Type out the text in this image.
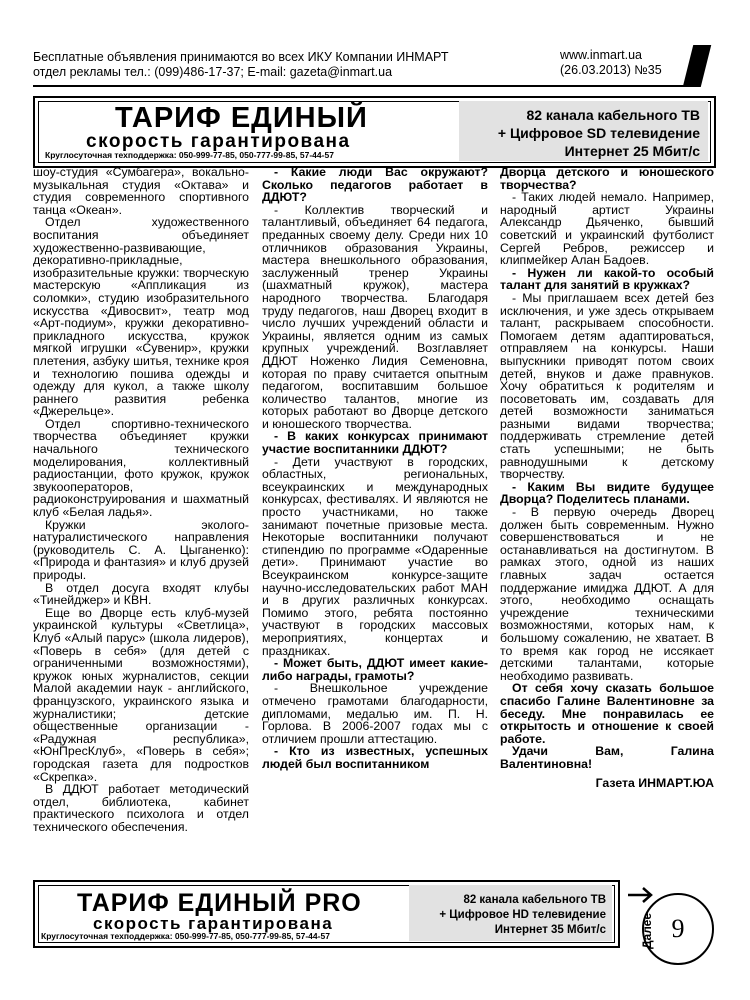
Бесплатные объявления принимаются во всех ИКУ Компании ИНМАРТ
отдел рекламы тел.: (099)486-17-37; E-mail: gazeta@inmart.ua
www.inmart.ua
(26.03.2013) №35
ТАРИФ ЕДИНЫЙ
скорость гарантирована
Круглосуточная техподдержка: 050-999-77-85, 050-777-99-85, 57-44-57
82 канала кабельного ТВ
+ Цифровое SD телевидение
Интернет 25 Мбит/с

шоу-студия «Сумбагера», вокально-музыкальная студия «Октава» и студия современного спортивного танца «Океан».

Отдел художественного воспитания объединяет художественно-развивающие, декоративно-прикладные, изобразительные кружки: творческую мастерскую «Аппликация из соломки», студию изобразительного искусства «Дивосвит», театр мод «Арт-подиум», кружки декоративно-прикладного искусства, кружок мягкой игрушки «Сувенир», кружки плетения, азбуку шитья, технике кроя и технологию пошива одежды и одежду для кукол, а также школу раннего развития ребенка «Джерельце».

Отдел спортивно-технического творчества объединяет кружки начального технического моделирования, коллективный радиостанции, фото кружок, кружок звукооператоров, радиоконструирования и шахматный клуб «Белая ладья».

Кружки эколого-натуралистического направления (руководитель С. А. Цыганенко): «Природа и фантазия» и клуб друзей природы.

В отдел досуга входят клубы «Тинейджер» и КВН.

Еще во Дворце есть клуб-музей украинской культуры «Светлица», Клуб «Алый парус» (школа лидеров), «Поверь в себя» (для детей с ограниченными возможностями), кружок юных журналистов, секции Малой академии наук - английского, французского, украинского языка и журналистики; детские общественные организации - «Радужная республика», «ЮнПресКлуб», «Поверь в себя»; городская газета для подростков «Скрепка».

В ДДЮТ работает методический отдел, библиотека, кабинет практического психолога и отдел технического обеспечения.

- Какие люди Вас окружают? Сколько педагогов работает в ДДЮТ?

- Коллектив творческий и талантливый, объединяет 64 педагога, преданных своему делу. Среди них 10 отличников образования Украины, мастера внешкольного образования, заслуженный тренер Украины (шахматный кружок), мастера народного творчества. Благодаря труду педагогов, наш Дворец входит в число лучших учреждений области и Украины, является одним из самых крупных учреждений. Возглавляет ДДЮТ Ноженко Лидия Семеновна, которая по праву считается опытным педагогом, воспитавшим большое количество талантов, многие из которых работают во Дворце детского и юношеского творчества.

- В каких конкурсах принимают участие воспитанники ДДЮТ?

- Дети участвуют в городских, областных, региональных, всеукраинских и международных конкурсах, фестивалях. И являются не просто участниками, но также занимают почетные призовые места. Некоторые воспитанники получают стипендию по программе «Одаренные дети». Принимают участие во Всеукраинском конкурсе-защите научно-исследовательских работ МАН и в других различных конкурсах. Помимо этого, ребята постоянно участвуют в городских массовых мероприятиях, концертах и праздниках.

- Может быть, ДДЮТ имеет какие-либо награды, грамоты?

- Внешкольное учреждение отмечено грамотами благодарности, дипломами, медалью им. П. Н. Горлова. В 2006-2007 годах мы с отличием прошли аттестацию.

- Кто из известных, успешных людей был воспитанником

Дворца детского и юношеского творчества?

- Таких людей немало. Например, народный артист Украины Александр Дьяченко, бывший советский и украинский футболист Сергей Ребров, режиссер и клипмейкер Алан Бадоев.

- Нужен ли какой-то особый талант для занятий в кружках?

- Мы приглашаем всех детей без исключения, и уже здесь открываем талант, раскрываем способности. Помогаем детям адаптироваться, отправляем на конкурсы. Наши выпускники приводят потом своих детей, внуков и даже правнуков. Хочу обратиться к родителям и посоветовать им, создавать для детей возможности заниматься разными видами творчества; поддерживать стремление детей стать успешными; не быть равнодушными к детскому творчеству.

- Каким Вы видите будущее Дворца? Поделитесь планами.

- В первую очередь Дворец должен быть современным. Нужно совершенствоваться и не останавливаться на достигнутом. В рамках этого, одной из наших главных задач остается поддержание имиджа ДДЮТ. А для этого, необходимо оснащать учреждение техническими возможностями, которых нам, к большому сожалению, не хватает. В то время как город не иссякает детскими талантами, которые необходимо развивать.

От себя хочу сказать большое спасибо Галине Валентиновне за беседу. Мне понравилась ее открытость и отношение к своей работе.

Удачи Вам, Галина Валентиновна!

Газета ИНМАРТ.ЮА

ТАРИФ ЕДИНЫЙ PRO
скорость гарантирована
Круглосуточная техподдержка: 050-999-77-85, 050-777-99-85, 57-44-57
82 канала кабельного ТВ
+ Цифровое HD телевидение
Интернет 35 Мбит/с	Далее 9
